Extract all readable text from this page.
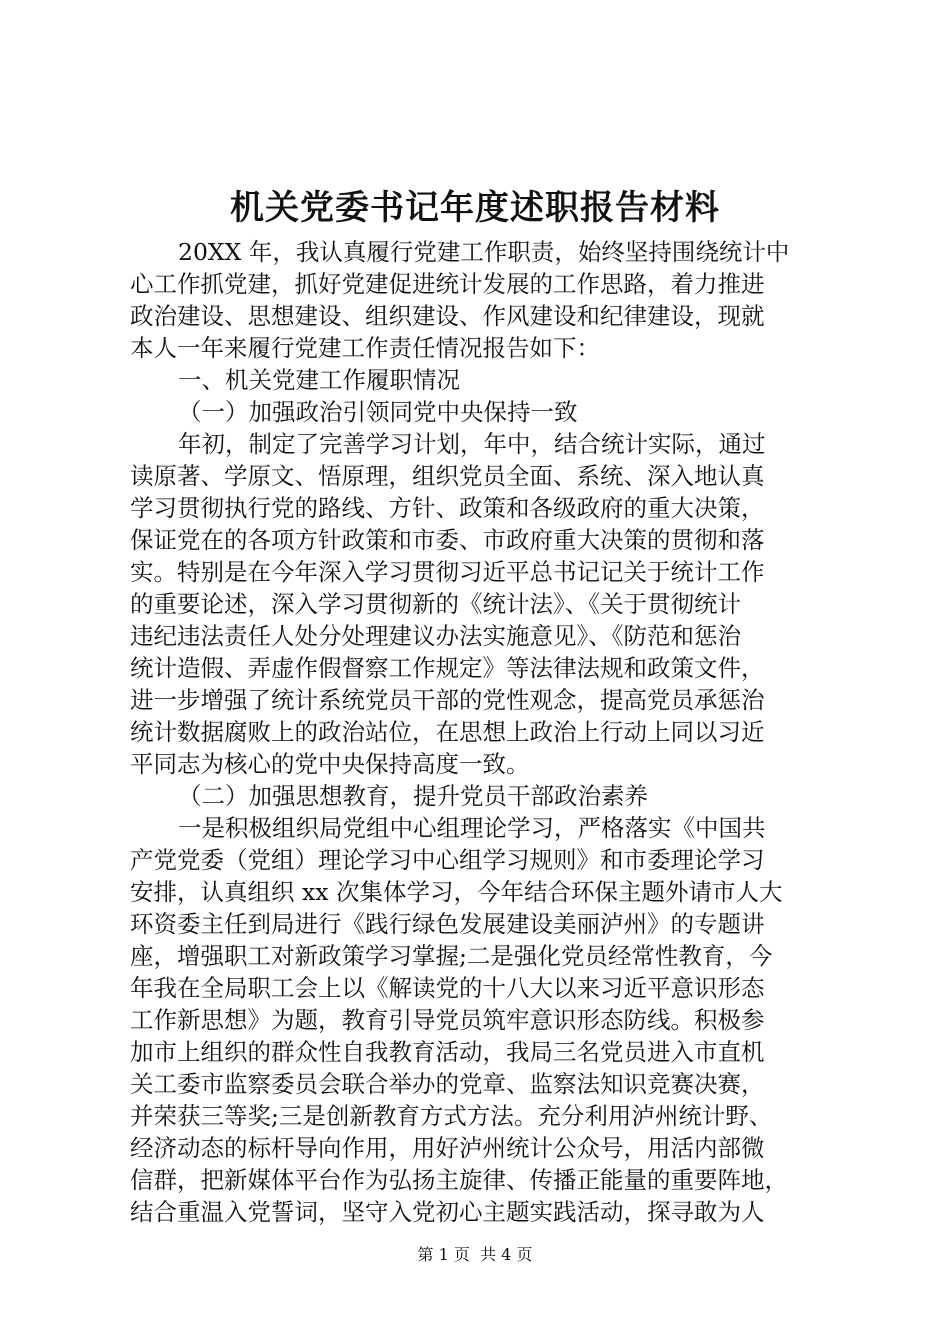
机关党委书记年度述职报告材料
20XX 年，我认真履行党建工作职责，始终坚持围绕统计中
心工作抓党建，抓好党建促进统计发展的工作思路，着力推进
政治建设、思想建设、组织建设、作风建设和纪律建设，现就
本人一年来履行党建工作责任情况报告如下：
一、机关党建工作履职情况
（一）加强政治引领同党中央保持一致
年初，制定了完善学习计划，年中，结合统计实际，通过
读原著、学原文、悟原理，组织党员全面、系统、深入地认真
学习贯彻执行党的路线、方针、政策和各级政府的重大决策，
保证党在的各项方针政策和市委、市政府重大决策的贯彻和落
实。特别是在今年深入学习贯彻习近平总书记记关于统计工作
的重要论述，深入学习贯彻新的《统计法》、《关于贯彻统计
违纪违法责任人处分处理建议办法实施意见》、《防范和惩治
统计造假、弄虚作假督察工作规定》等法律法规和政策文件，
进一步增强了统计系统党员干部的党性观念，提高党员承惩治
统计数据腐败上的政治站位，在思想上政治上行动上同以习近
平同志为核心的党中央保持高度一致。
（二）加强思想教育，提升党员干部政治素养
一是积极组织局党组中心组理论学习，严格落实《中国共
产党党委（党组）理论学习中心组学习规则》和市委理论学习
安排，认真组织 xx 次集体学习，今年结合环保主题外请市人大
环资委主任到局进行《践行绿色发展建设美丽泸州》的专题讲
座，增强职工对新政策学习掌握;二是强化党员经常性教育，今
年我在全局职工会上以《解读党的十八大以来习近平意识形态
工作新思想》为题，教育引导党员筑牢意识形态防线。积极参
加市上组织的群众性自我教育活动，我局三名党员进入市直机
关工委市监察委员会联合举办的党章、监察法知识竞赛决赛，
并荣获三等奖;三是创新教育方式方法。充分利用泸州统计野、
经济动态的标杆导向作用，用好泸州统计公众号，用活内部微
信群，把新媒体平台作为弘扬主旋律、传播正能量的重要阵地，
结合重温入党誓词，坚守入党初心主题实践活动，探寻敢为人
第 1 页  共 4 页
